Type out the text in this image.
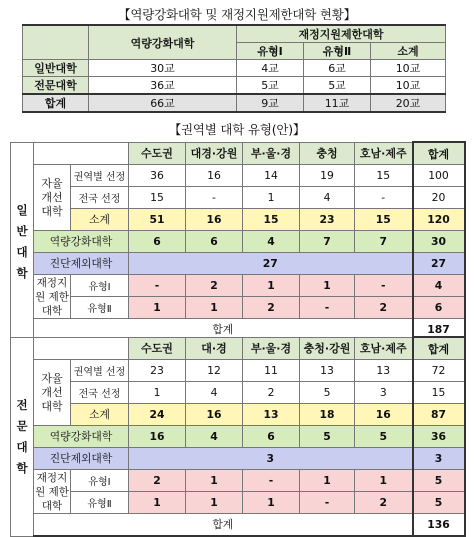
【역량강화대학 및 재정지원제한대학 현황】
	역량강화대학	재정지원제한대학		
		유형Ⅰ	유형Ⅱ	소계
일반대학	30교	4교	6교	10교
전문대학	36교	5교	5교	10교
합계	66교	9교	11교	20교
【권역별 대학 유형(안)】
일
반
대
학			수도권	대경·강원	부·울·경	충청	호남·제주	합계
	자율
개선
대학	권역별 선정	36	16	14	19	15	100
		전국 선정	15	-	1	4	-	20
		소계	51	16	15	23	15	120
	역량강화대학		6	6	4	7	7	30
	진단제외대학		27					27
	재정지원 제한대학	유형Ⅰ	-	2	1	1	-	4
		유형Ⅱ	1	1	2	-	2	6
	합계							187
전
문
대
학			수도권	대·경	부·울·경	충청·강원	호남·제주	합계
	자율
개선
대학	권역별 선정	23	12	11	13	13	72
		전국 선정	1	4	2	5	3	15
		소계	24	16	13	18	16	87
	역량강화대학		16	4	6	5	5	36
	진단제외대학		3					3
	재정지원 제한대학	유형Ⅰ	2	1	-	1	1	5
		유형Ⅱ	1	1	1	-	2	5
	합계							136
